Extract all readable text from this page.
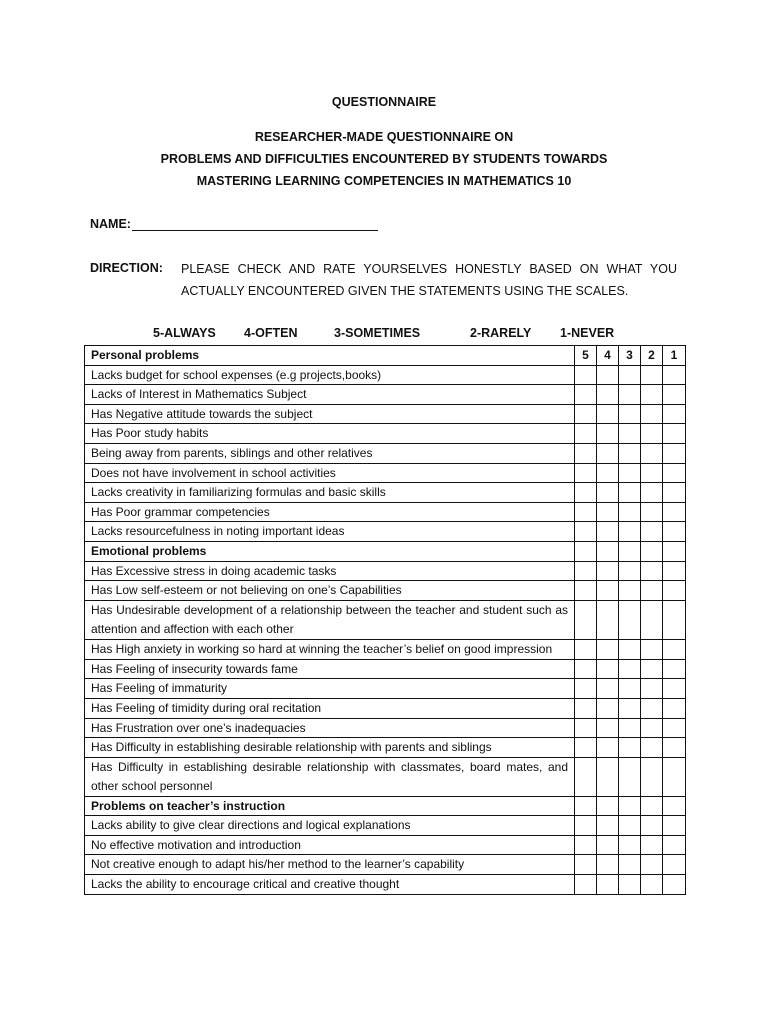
QUESTIONNAIRE
RESEARCHER-MADE QUESTIONNAIRE ON
PROBLEMS AND DIFFICULTIES ENCOUNTERED BY STUDENTS TOWARDS
MASTERING LEARNING COMPETENCIES IN MATHEMATICS 10
NAME:
DIRECTION: PLEASE CHECK AND RATE YOURSELVES HONESTLY BASED ON WHAT YOU ACTUALLY ENCOUNTERED GIVEN THE STATEMENTS USING THE SCALES.
5-ALWAYS 4-OFTEN	3-SOMETIMES	2-RARELY 1-NEVER
Personal problems	5	4	3	2	1
Lacks budget for school expenses (e.g projects,books)					
Lacks of Interest in Mathematics Subject					
Has Negative attitude towards the subject					
Has Poor study habits					
Being away from parents, siblings and other relatives					
Does not have involvement in school activities					
Lacks creativity in familiarizing formulas and basic skills					
Has Poor grammar competencies					
Lacks resourcefulness in noting important ideas					
Emotional problems					
Has Excessive stress in doing academic tasks					
Has Low self-esteem or not believing on one’s Capabilities					
Has Undesirable development of a relationship between the teacher and student such as attention and affection with each other					
Has High anxiety in working so hard at winning the teacher’s belief on good impression					
Has Feeling of insecurity towards fame					
Has Feeling of immaturity					
Has Feeling of timidity during oral recitation					
Has Frustration over one’s inadequacies					
Has Difficulty in establishing desirable relationship with parents and siblings					
Has Difficulty in establishing desirable relationship with classmates, board mates, and other school personnel					
Problems on teacher’s instruction					
Lacks ability to give clear directions and logical explanations					
No effective motivation and introduction					
Not creative enough to adapt his/her method to the learner’s capability					
Lacks the ability to encourage critical and creative thought					
